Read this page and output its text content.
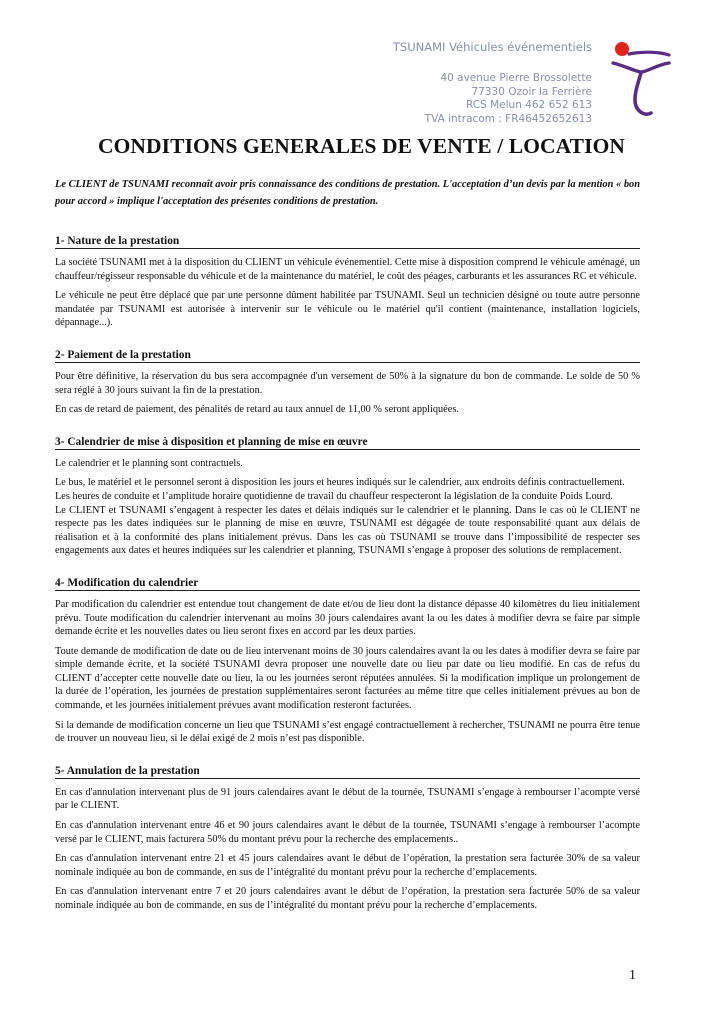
TSUNAMI Véhicules événementiels
40 avenue Pierre Brossolette
77330 Ozoir la Ferrière
RCS Melun 462 652 613
TVA intracom : FR46452652613
CONDITIONS GENERALES DE VENTE / LOCATION

Le CLIENT de TSUNAMI reconnaît avoir pris connaissance des conditions de prestation. L'acceptation d’un devis par la mention « bon pour accord » implique l'acceptation des présentes conditions de prestation.

1- Nature de la prestation

La société TSUNAMI met à la disposition du CLIENT un véhicule événementiel. Cette mise à disposition comprend le véhicule aménagé, un chauffeur/régisseur responsable du véhicule et de la maintenance du matériel, le coût des péages, carburants et les assurances RC et véhicule.

Le véhicule ne peut être déplacé que par une personne dûment habilitée par TSUNAMI. Seul un technicien désigné ou toute autre personne mandatée par TSUNAMI est autorisée à intervenir sur le véhicule ou le matériel qu'il contient (maintenance, installation logiciels, dépannage...).

2- Paiement de la prestation

Pour être définitive, la réservation du bus sera accompagnée d'un versement de 50% à la signature du bon de commande. Le solde de 50 % sera réglé à 30 jours suivant la fin de la prestation.

En cas de retard de paiement, des pénalités de retard au taux annuel de 11,00 % seront appliquées.

3- Calendrier de mise à disposition et planning de mise en œuvre

Le calendrier et le planning sont contractuels.

Le bus, le matériel et le personnel seront à disposition les jours et heures indiqués sur le calendrier, aux endroits définis contractuellement.

Les heures de conduite et l’amplitude horaire quotidienne de travail du chauffeur respecteront la législation de la conduite Poids Lourd.

Le CLIENT et TSUNAMI s’engagent à respecter les dates et délais indiqués sur le calendrier et le planning. Dans le cas où le CLIENT ne respecte pas les dates indiquées sur le planning de mise en œuvre, TSUNAMI est dégagée de toute responsabilité quant aux délais de réalisation et à la conformité des plans initialement prévus. Dans les cas où TSUNAMI se trouve dans l’impossibilité de respecter ses engagements aux dates et heures indiquées sur les calendrier et planning, TSUNAMI s’engage à proposer des solutions de remplacement.

4- Modification du calendrier

Par modification du calendrier est entendue tout changement de date et/ou de lieu dont la distance dépasse 40 kilomètres du lieu initialement prévu. Toute modification du calendrier intervenant au moins 30 jours calendaires avant la ou les dates à modifier devra se faire par simple demande écrite et les nouvelles dates ou lieu seront fixes en accord par les deux parties.

Toute demande de modification de date ou de lieu intervenant moins de 30 jours calendaires avant la ou les dates à modifier devra se faire par simple demande écrite, et la société TSUNAMI devra proposer une nouvelle date ou lieu par date ou lieu modifié. En cas de refus du CLIENT d’accepter cette nouvelle date ou lieu, la ou les journées seront réputées annulées. Si la modification implique un prolongement de la durée de l’opération, les journées de prestation supplémentaires seront facturées au même titre que celles initialement prévues au bon de commande, et les journées initialement prévues avant modification resteront facturées.

Si la demande de modification concerne un lieu que TSUNAMI s’est engagé contractuellement à rechercher, TSUNAMI ne pourra être tenue de trouver un nouveau lieu, si le délai exigé de 2 mois n’est pas disponible.

5- Annulation de la prestation

En cas d'annulation intervenant plus de 91 jours calendaires avant le début de la tournée, TSUNAMI s’engage à rembourser l’acompte versé par le CLIENT.

En cas d'annulation intervenant entre 46 et 90 jours calendaires avant le début de la tournée, TSUNAMI s’engage à rembourser l’acompte versé par le CLIENT, mais facturera 50% du montant prévu pour la recherche des emplacements..

En cas d'annulation intervenant entre 21 et 45 jours calendaires avant le début de l’opération, la prestation sera facturée 30% de sa valeur nominale indiquée au bon de commande, en sus de l’intégralité du montant prévu pour la recherche d’emplacements.

En cas d'annulation intervenant entre 7 et 20 jours calendaires avant le début de l’opération, la prestation sera facturée 50% de sa valeur nominale indiquée au bon de commande, en sus de l’intégralité du montant prévu pour la recherche d’emplacements.

1
